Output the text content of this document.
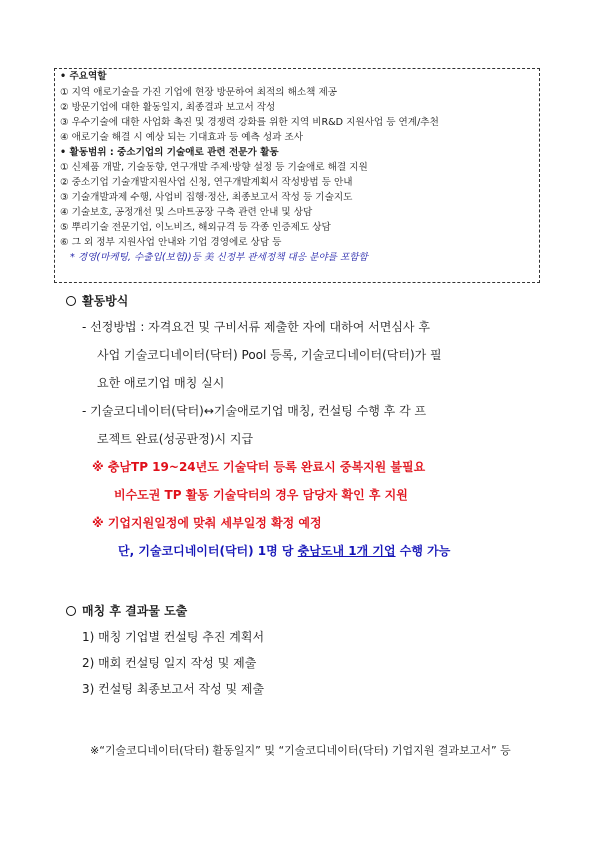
• 주요역할
① 지역 애로기술을 가진 기업에 현장 방문하여 최적의 해소책 제공
② 방문기업에 대한 활동일지, 최종결과 보고서 작성
③ 우수기술에 대한 사업화 촉진 및 경쟁력 강화를 위한 지역 비R&D 지원사업 등 연계/추천
④ 애로기술 해결 시 예상 되는 기대효과 등 예측 성과 조사
• 활동범위 : 중소기업의 기술애로 관련 전문가 활동
① 신제품 개발, 기술동향, 연구개발 주제·방향 설정 등 기술애로 해결 지원
② 중소기업 기술개발지원사업 신청, 연구개발계획서 작성방법 등 안내
③ 기술개발과제 수행, 사업비 집행·정산, 최종보고서 작성 등 기술지도
④ 기술보호, 공정개선 및 스마트공장 구축 관련 안내 및 상담
⑤ 뿌리기술 전문기업, 이노비즈, 해외규격 등 각종 인증제도 상담
⑥ 그 외 정부 지원사업 안내와 기업 경영에로 상담 등
* 경영(마케팅, 수출입(보험))등 美 신정부 관세정책 대응 분야를 포함함
활동방식
- 선정방법 : 자격요건 및 구비서류 제출한 자에 대하여 서면심사 후
사업 기술코디네이터(닥터) Pool 등록, 기술코디네이터(닥터)가 필
요한 애로기업 매칭 실시
- 기술코디네이터(닥터)↔기술애로기업 매칭, 컨설팅 수행 후 각 프
로젝트 완료(성공판정)시 지급
※ 충남TP 19~24년도 기술닥터 등록 완료시 중복지원 불필요
비수도권 TP 활동 기술닥터의 경우 담당자 확인 후 지원
※ 기업지원일정에 맞춰 세부일정 확정 예정
단, 기술코디네이터(닥터) 1명 당 충남도내 1개 기업 수행 가능
매칭 후 결과물 도출
1) 매칭 기업별 컨설팅 추진 계획서
2) 매회 컨설팅 일지 작성 및 제출
3) 컨설팅 최종보고서 작성 및 제출
※“기술코디네이터(닥터) 활동일지” 및 “기술코디네이터(닥터) 기업지원 결과보고서” 등
